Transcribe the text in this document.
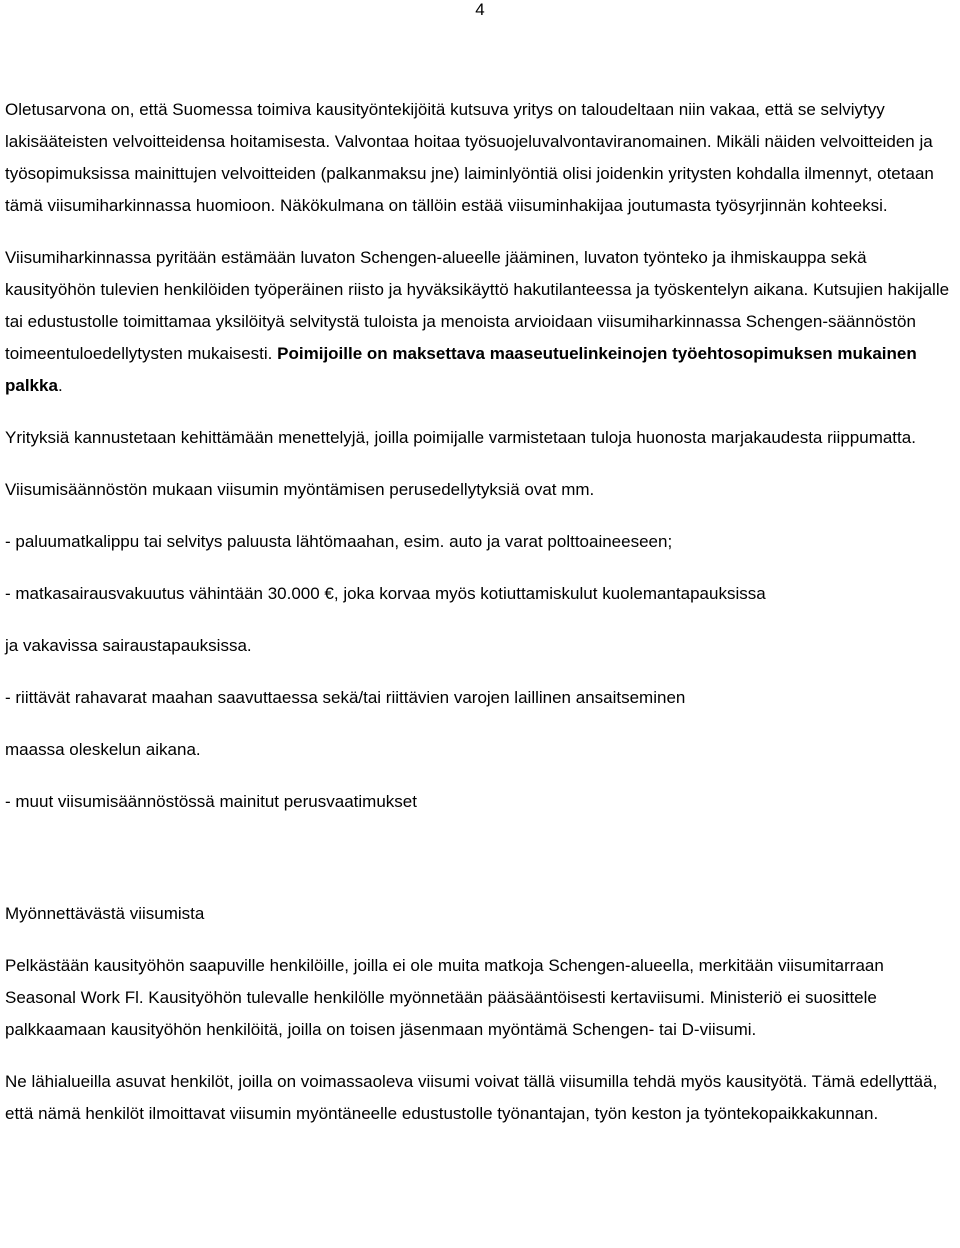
4

Oletusarvona on, että Suomessa toimiva kausityöntekijöitä kutsuva yritys on taloudeltaan niin vakaa, että se selviytyy lakisääteisten velvoitteidensa hoitamisesta. Valvontaa hoitaa työsuojeluvalvontaviranomainen. Mikäli näiden velvoitteiden ja työsopimuksissa mainittujen velvoitteiden (palkanmaksu jne) laiminlyöntiä olisi joidenkin yritysten kohdalla ilmennyt, otetaan tämä viisumiharkinnassa huomioon. Näkökulmana on tällöin estää viisuminhakijaa joutumasta työsyrjinnän kohteeksi.

Viisumiharkinnassa pyritään estämään luvaton Schengen-alueelle jääminen, luvaton työnteko ja ihmiskauppa sekä kausityöhön tulevien henkilöiden työperäinen riisto ja hyväksikäyttö hakutilanteessa ja työskentelyn aikana. Kutsujien hakijalle tai edustustolle toimittamaa yksilöityä selvitystä tuloista ja menoista arvioidaan viisumiharkinnassa Schengen-säännöstön toimeentuloedellytysten mukaisesti. Poimijoille on maksettava maaseutuelinkeinojen työehtosopimuksen mukainen palkka.

Yrityksiä kannustetaan kehittämään menettelyjä, joilla poimijalle varmistetaan tuloja huonosta marjakaudesta riippumatta.

Viisumisäännöstön mukaan viisumin myöntämisen perusedellytyksiä ovat mm.

- paluumatkalippu tai selvitys paluusta lähtömaahan, esim. auto ja varat polttoaineeseen;

- matkasairausvakuutus vähintään 30.000 €, joka korvaa myös kotiuttamiskulut kuolemantapauksissa

ja vakavissa sairaustapauksissa.

- riittävät rahavarat maahan saavuttaessa sekä/tai riittävien varojen laillinen ansaitseminen

maassa oleskelun aikana.

- muut viisumisäännöstössä mainitut perusvaatimukset

Myönnettävästä viisumista

Pelkästään kausityöhön saapuville henkilöille, joilla ei ole muita matkoja Schengen-alueella, merkitään viisumitarraan Seasonal Work Fl. Kausityöhön tulevalle henkilölle myönnetään pääsääntöisesti kertaviisumi. Ministeriö ei suosittele palkkaamaan kausityöhön henkilöitä, joilla on toisen jäsenmaan myöntämä Schengen- tai D-viisumi.

Ne lähialueilla asuvat henkilöt, joilla on voimassaoleva viisumi voivat tällä viisumilla tehdä myös kausityötä. Tämä edellyttää, että nämä henkilöt ilmoittavat viisumin myöntäneelle edustustolle työnantajan, työn keston ja työntekopaikkakunnan.
